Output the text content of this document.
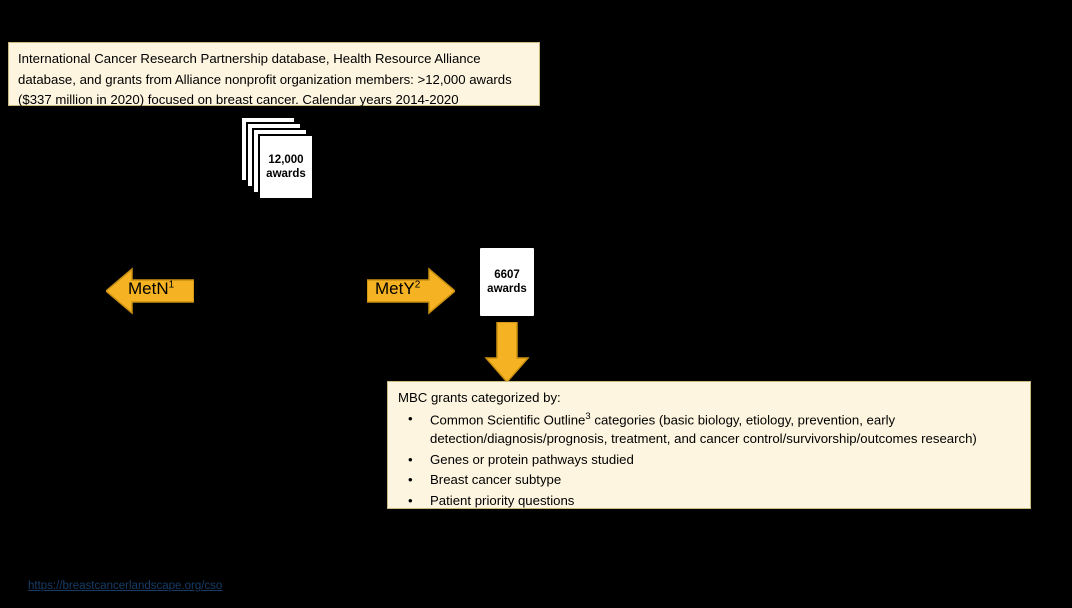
International Cancer Research Partnership database, Health Resource Alliance database, and grants from Alliance nonprofit organization members: >12,000 awards ($337 million in 2020) focused on breast cancer. Calendar years 2014-2020
12,000
awards
MetN$^1$	MetY$^2$
6607
awards

MBC grants categorized by:

• Common Scientific Outline$^3$ categories (basic biology, etiology, prevention, early detection/diagnosis/prognosis, treatment, and cancer control/survivorship/outcomes research)
• Genes or protein pathways studied
• Breast cancer subtype
• Patient priority questions
https://breastcancerlandscape.org/cso
